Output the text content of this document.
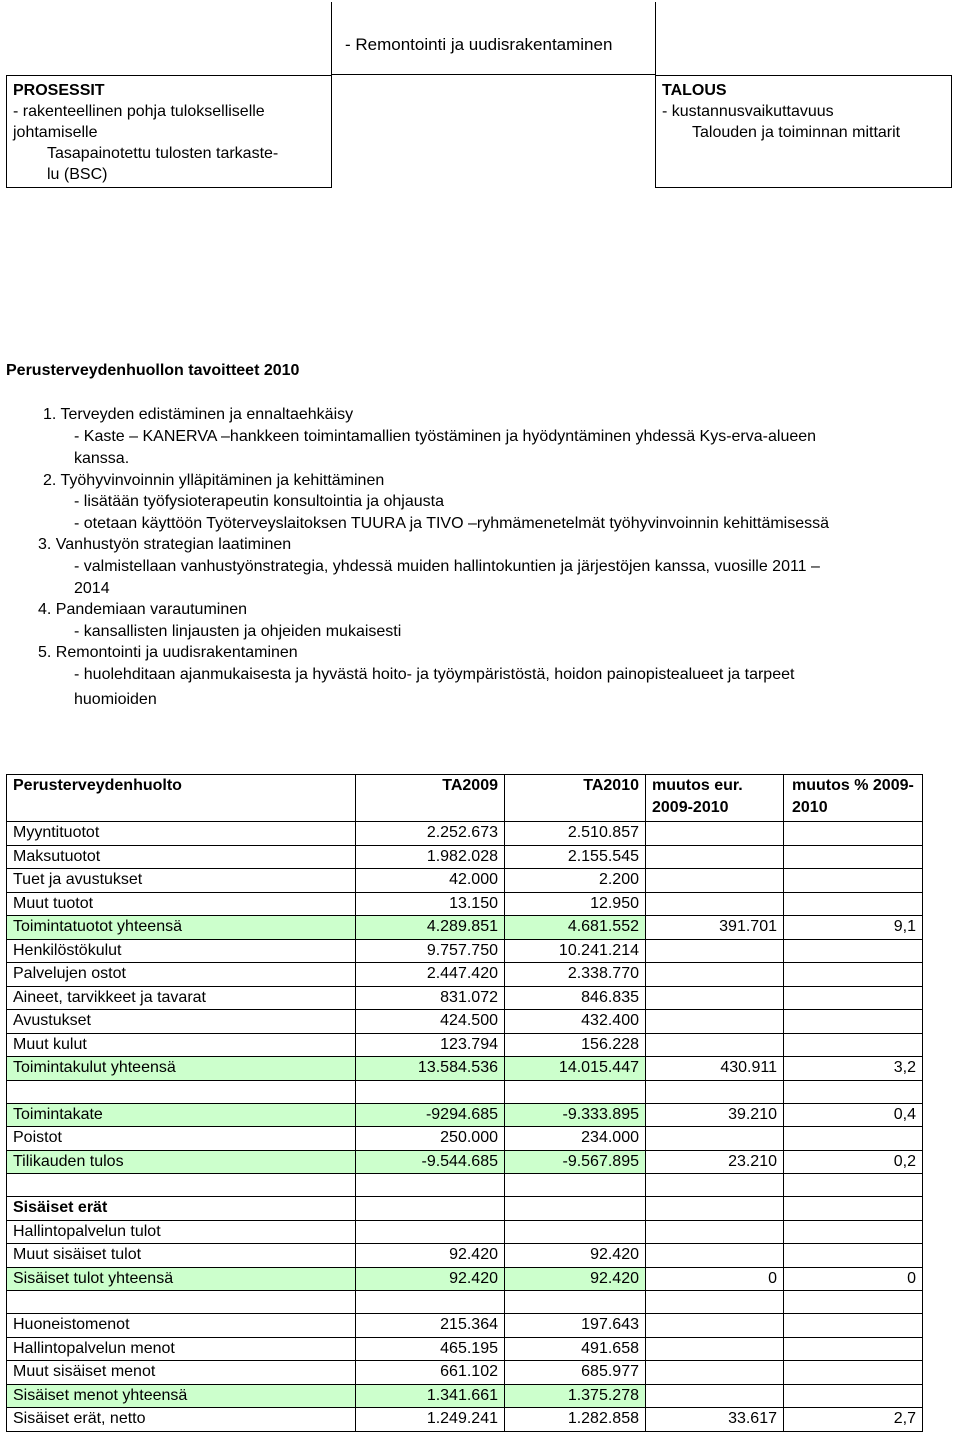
- Remontointi ja uudisrakentaminen
PROSESSIT
- rakenteellinen pohja tulokselliselle
johtamiselle
Tasapainotettu tulosten tarkaste-
lu (BSC)
TALOUS
- kustannusvaikuttavuus
Talouden ja toiminnan mittarit
Perusterveydenhuollon tavoitteet 2010
1. Terveyden edistäminen ja ennaltaehkäisy
- Kaste – KANERVA –hankkeen toimintamallien työstäminen ja hyödyntäminen yhdessä Kys-erva-alueen
kanssa.
2. Työhyvinvoinnin ylläpitäminen ja kehittäminen
- lisätään työfysioterapeutin konsultointia ja ohjausta
- otetaan käyttöön Työterveyslaitoksen TUURA ja TIVO –ryhmämenetelmät työhyvinvoinnin kehittämisessä
3. Vanhustyön strategian laatiminen
- valmistellaan vanhustyönstrategia, yhdessä muiden hallintokuntien ja järjestöjen kanssa, vuosille 2011 –
2014
4. Pandemiaan varautuminen
- kansallisten linjausten ja ohjeiden mukaisesti
5. Remontointi ja uudisrakentaminen
- huolehditaan ajanmukaisesta ja hyvästä hoito- ja työympäristöstä, hoidon painopistealueet ja tarpeet
huomioiden
Perusterveydenhuolto	TA2009	TA2010	muutos eur. 2009-2010	muutos % 2009-2010
Myyntituotot	2.252.673	2.510.857		
Maksutuotot	1.982.028	2.155.545		
Tuet ja avustukset	42.000	2.200		
Muut tuotot	13.150	12.950		
Toimintatuotot yhteensä	4.289.851	4.681.552	391.701	9,1
Henkilöstökulut	9.757.750	10.241.214		
Palvelujen ostot	2.447.420	2.338.770		
Aineet, tarvikkeet ja tavarat	831.072	846.835		
Avustukset	424.500	432.400		
Muut kulut	123.794	156.228		
Toimintakulut yhteensä	13.584.536	14.015.447	430.911	3,2

Toimintakate	-9294.685	-9.333.895	39.210	0,4
Poistot	250.000	234.000		
Tilikauden tulos	-9.544.685	-9.567.895	23.210	0,2

Sisäiset erät				
Hallintopalvelun tulot				
Muut sisäiset tulot	92.420	92.420		
Sisäiset tulot yhteensä	92.420	92.420	0	0

Huoneistomenot	215.364	197.643		
Hallintopalvelun menot	465.195	491.658		
Muut sisäiset menot	661.102	685.977		
Sisäiset menot yhteensä	1.341.661	1.375.278		
Sisäiset erät, netto	1.249.241	1.282.858	33.617	2,7
